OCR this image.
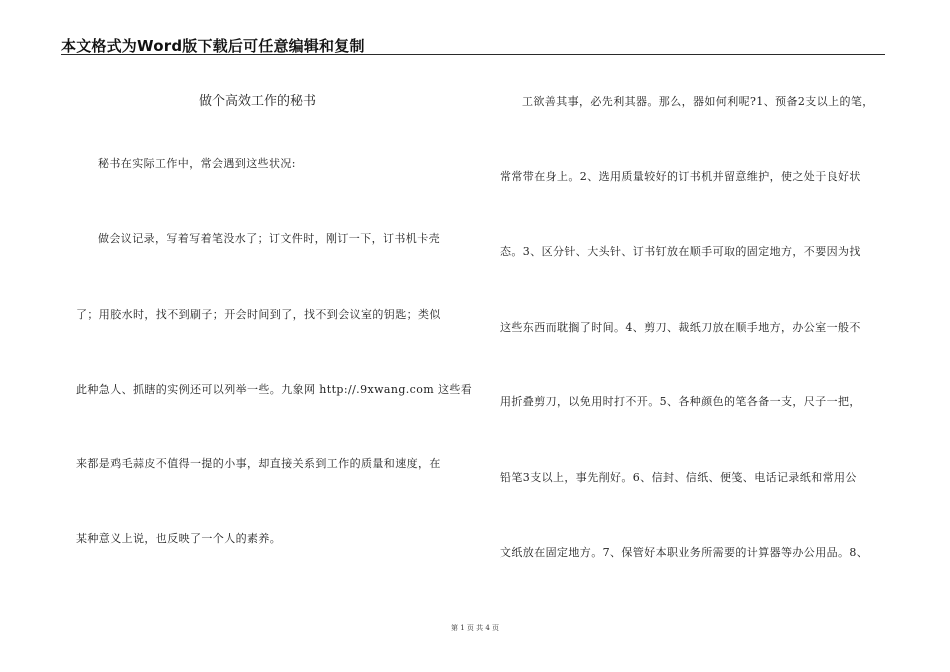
本文格式为Word版下载后可任意编辑和复制
做个高效工作的秘书
秘书在实际工作中，常会遇到这些状况:
做会议记录，写着写着笔没水了；订文件时，刚订一下，订书机卡壳
了；用胶水时，找不到刷子；开会时间到了，找不到会议室的钥匙；类似
此种急人、抓瞎的实例还可以列举一些。九象网 http://.9xwang.com 这些看
来都是鸡毛蒜皮不值得一提的小事，却直接关系到工作的质量和速度，在
某种意义上说，也反映了一个人的素养。
工欲善其事，必先利其器。那么，器如何利呢?1、预备2支以上的笔，
常常带在身上。2、选用质量较好的订书机并留意维护，使之处于良好状
态。3、区分针、大头针、订书钉放在顺手可取的固定地方，不要因为找
这些东西而耽搁了时间。4、剪刀、裁纸刀放在顺手地方，办公室一般不
用折叠剪刀，以免用时打不开。5、各种颜色的笔各备一支，尺子一把，
铅笔3支以上，事先削好。6、信封、信纸、便笺、电话记录纸和常用公
文纸放在固定地方。7、保管好本职业务所需要的计算器等办公用品。8、
第 1 页 共 4 页
